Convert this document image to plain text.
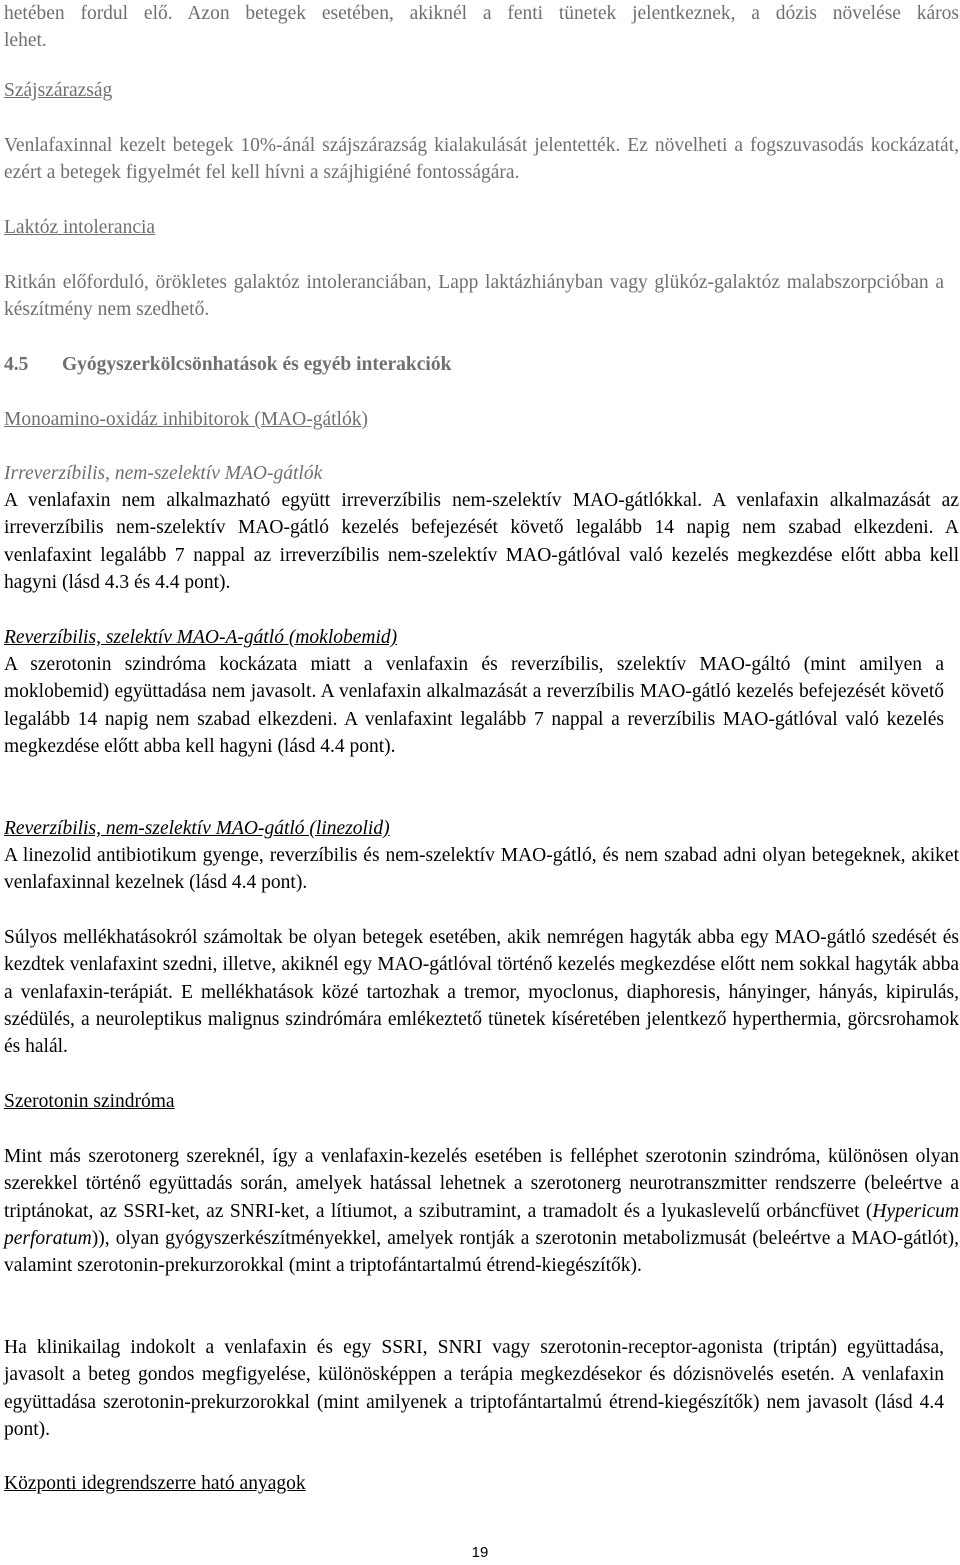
hetében fordul elő. Azon betegek esetében, akiknél a fenti tünetek jelentkeznek, a dózis növelése káros

lehet.

Szájszárazság

Venlafaxinnal kezelt betegek 10%-ánál szájszárazság kialakulását jelentették. Ez növelheti a fogszuvasodás kockázatát, ezért a betegek figyelmét fel kell hívni a szájhigiéné fontosságára.

Laktóz intolerancia

Ritkán előforduló, örökletes galaktóz intoleranciában, Lapp laktázhiányban vagy glükóz-galaktóz malabszorpcióban a készítmény nem szedhető.

4.5 Gyógyszerkölcsönhatások és egyéb interakciók

Monoamino-oxidáz inhibitorok (MAO-gátlók)

Irreverzíbilis, nem-szelektív MAO-gátlók

A venlafaxin nem alkalmazható együtt irreverzíbilis nem-szelektív MAO-gátlókkal. A venlafaxin alkalmazását az irreverzíbilis nem-szelektív MAO-gátló kezelés befejezését követő legalább 14 napig nem szabad elkezdeni. A venlafaxint legalább 7 nappal az irreverzíbilis nem-szelektív MAO-gátlóval való kezelés megkezdése előtt abba kell hagyni (lásd 4.3 és 4.4 pont).

Reverzíbilis, szelektív MAO-A-gátló (moklobemid)

A szerotonin szindróma kockázata miatt a venlafaxin és reverzíbilis, szelektív MAO-gáltó (mint amilyen a moklobemid) együttadása nem javasolt. A venlafaxin alkalmazását a reverzíbilis MAO-gátló kezelés befejezését követő legalább 14 napig nem szabad elkezdeni. A venlafaxint legalább 7 nappal a reverzíbilis MAO-gátlóval való kezelés megkezdése előtt abba kell hagyni (lásd 4.4 pont).

Reverzíbilis, nem-szelektív MAO-gátló (linezolid)

A linezolid antibiotikum gyenge, reverzíbilis és nem-szelektív MAO-gátló, és nem szabad adni olyan betegeknek, akiket venlafaxinnal kezelnek (lásd 4.4 pont).

Súlyos mellékhatásokról számoltak be olyan betegek esetében, akik nemrégen hagyták abba egy MAO-gátló szedését és kezdtek venlafaxint szedni, illetve, akiknél egy MAO-gátlóval történő kezelés megkezdése előtt nem sokkal hagyták abba a venlafaxin-terápiát. E mellékhatások közé tartozhak a tremor, myoclonus, diaphoresis, hányinger, hányás, kipirulás, szédülés, a neuroleptikus malignus szindrómára emlékeztető tünetek kíséretében jelentkező hyperthermia, görcsrohamok és halál.

Szerotonin szindróma

Mint más szerotonerg szereknél, így a venlafaxin-kezelés esetében is felléphet szerotonin szindróma, különösen olyan szerekkel történő együttadás során, amelyek hatással lehetnek a szerotonerg neurotranszmitter rendszerre (beleértve a triptánokat, az SSRI-ket, az SNRI-ket, a lítiumot, a szibutramint, a tramadolt és a lyukaslevelű orbáncfüvet (Hypericum perforatum)), olyan gyógyszerkészítményekkel, amelyek rontják a szerotonin metabolizmusát (beleértve a MAO-gátlót), valamint szerotonin-prekurzorokkal (mint a triptofántartalmú étrend-kiegészítők).

Ha klinikailag indokolt a venlafaxin és egy SSRI, SNRI vagy szerotonin-receptor-agonista (triptán) együttadása, javasolt a beteg gondos megfigyelése, különösképpen a terápia megkezdésekor és dózisnövelés esetén. A venlafaxin együttadása szerotonin-prekurzorokkal (mint amilyenek a triptofántartalmú étrend-kiegészítők) nem javasolt (lásd 4.4 pont).

Központi idegrendszerre ható anyagok

19
